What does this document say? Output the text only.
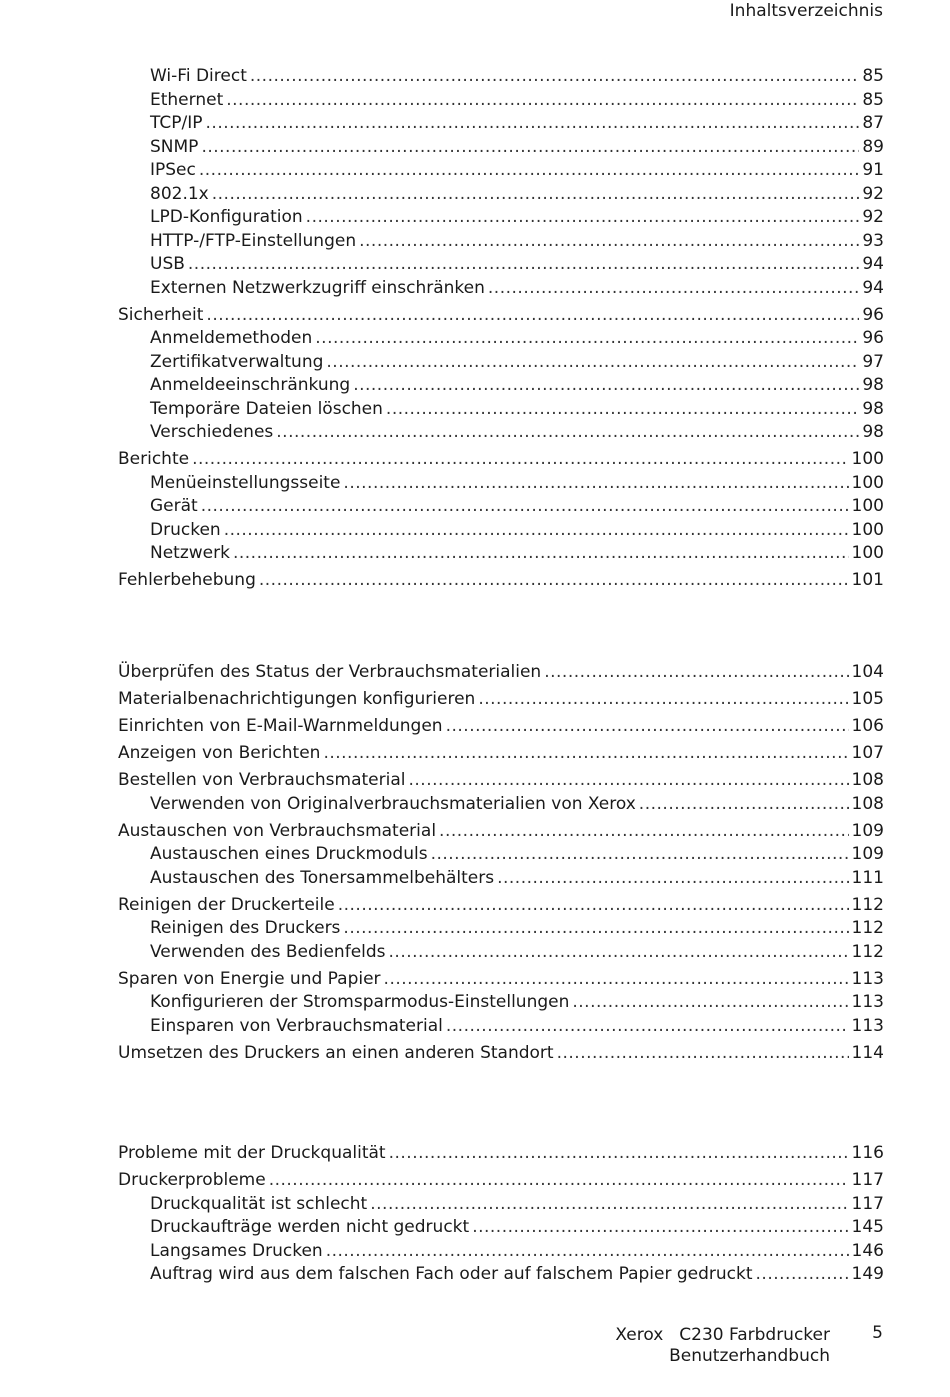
Inhaltsverzeichnis
Wi-Fi Direct .....	85
Ethernet .....	85
TCP/IP .....	87
SNMP .....	89
IPSec .....	91
802.1x .....	92
LPD-Konfiguration .....	92
HTTP-/FTP-Einstellungen .....	93
USB .....	94
Externen Netzwerkzugriff einschränken .....	94
Sicherheit .....	96
Anmeldemethoden .....	96
Zertifikatverwaltung .....	97
Anmeldeeinschränkung .....	98
Temporäre Dateien löschen .....	98
Verschiedenes .....	98
Berichte .....	100
Menüeinstellungsseite .....	100
Gerät .....	100
Drucken .....	100
Netzwerk .....	100
Fehlerbehebung .....	101
Überprüfen des Status der Verbrauchsmaterialien .....	104
Materialbenachrichtigungen konfigurieren .....	105
Einrichten von E-Mail-Warnmeldungen .....	106
Anzeigen von Berichten .....	107
Bestellen von Verbrauchsmaterial .....	108
Verwenden von Originalverbrauchsmaterialien von Xerox .....	108
Austauschen von Verbrauchsmaterial .....	109
Austauschen eines Druckmoduls .....	109
Austauschen des Tonersammelbehälters .....	111
Reinigen der Druckerteile .....	112
Reinigen des Druckers .....	112
Verwenden des Bedienfelds .....	112
Sparen von Energie und Papier .....	113
Konfigurieren der Stromsparmodus-Einstellungen .....	113
Einsparen von Verbrauchsmaterial .....	113
Umsetzen des Druckers an einen anderen Standort .....	114
Probleme mit der Druckqualität .....	116
Druckerprobleme .....	117
Druckqualität ist schlecht .....	117
Druckaufträge werden nicht gedruckt .....	145
Langsames Drucken .....	146
Auftrag wird aus dem falschen Fach oder auf falschem Papier gedruckt .....	149
Xerox C230 Farbdrucker
Benutzerhandbuch
5
